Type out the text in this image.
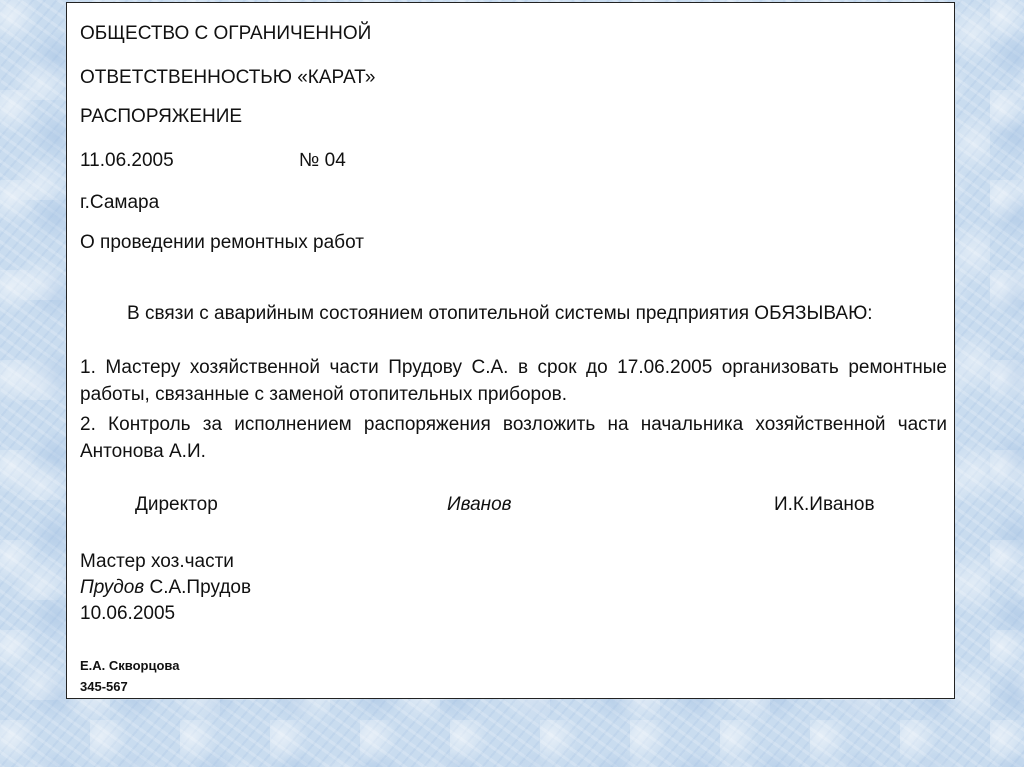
ОБЩЕСТВО С ОГРАНИЧЕННОЙ
ОТВЕТСТВЕННОСТЬЮ «КАРАТ»
РАСПОРЯЖЕНИЕ
11.06.2005	№ 04
г.Самара
О проведении ремонтных работ
В связи с аварийным состоянием отопительной системы предприятия ОБЯЗЫВАЮ:
1. Мастеру хозяйственной части Прудову С.А. в срок до 17.06.2005 организовать ремонтные работы, связанные с заменой отопительных приборов.
2. Контроль за исполнением распоряжения возложить на начальника хозяйственной части Антонова А.И.
Директор	Иванов	И.К.Иванов
Мастер хоз.части
Прудов С.А.Прудов
10.06.2005
Е.А. Скворцова
345-567
